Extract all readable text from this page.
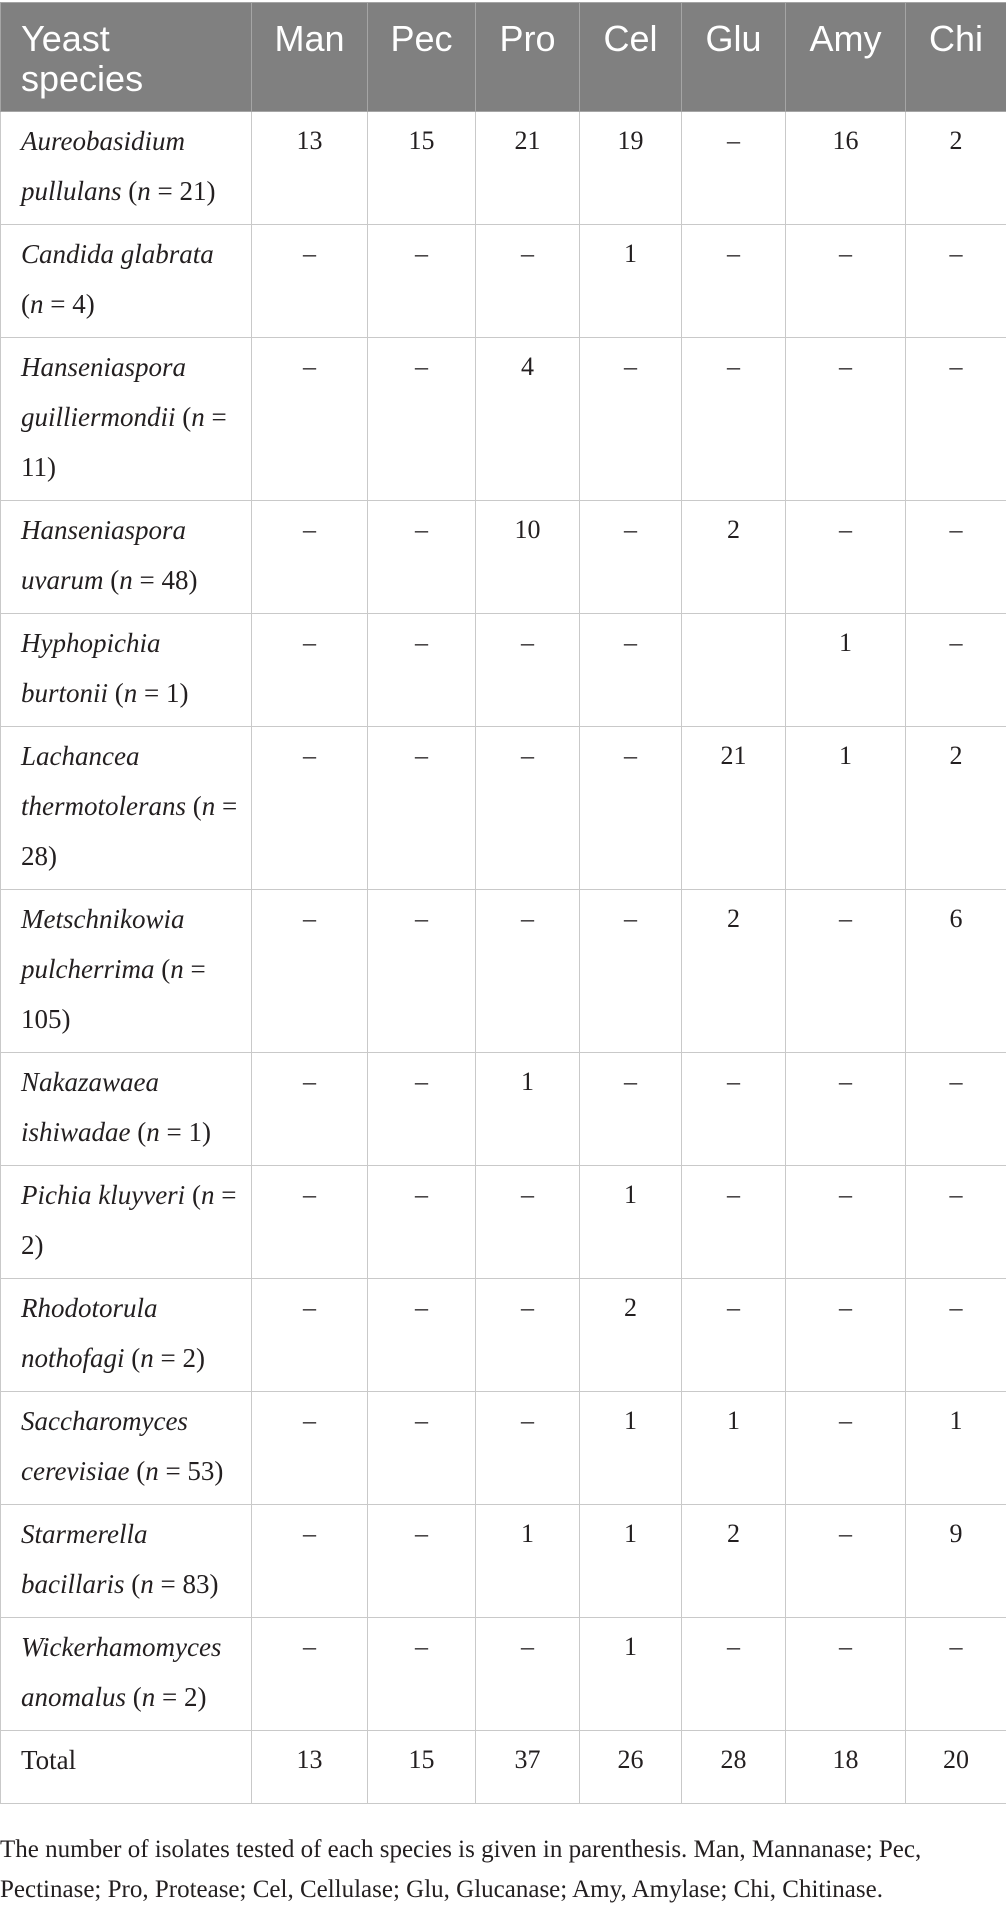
Yeast species	Man	Pec	Pro	Cel	Glu	Amy	Chi
Aureobasidium pullulans (n = 21)	13	15	21	19	–	16	2
Candida glabrata (n = 4)	–	–	–	1	–	–	–
Hanseniaspora guilliermondii (n = 11)	–	–	4	–	–	–	–
Hanseniaspora uvarum (n = 48)	–	–	10	–	2	–	–
Hyphopichia burtonii (n = 1)	–	–	–	–		1	–
Lachancea thermotolerans (n = 28)	–	–	–	–	21	1	2
Metschnikowia pulcherrima (n = 105)	–	–	–	–	2	–	6
Nakazawaea ishiwadae (n = 1)	–	–	1	–	–	–	–
Pichia kluyveri (n = 2)	–	–	–	1	–	–	–
Rhodotorula nothofagi (n = 2)	–	–	–	2	–	–	–
Saccharomyces cerevisiae (n = 53)	–	–	–	1	1	–	1
Starmerella bacillaris (n = 83)	–	–	1	1	2	–	9
Wickerhamomyces anomalus (n = 2)	–	–	–	1	–	–	–
Total	13	15	37	26	28	18	20

The number of isolates tested of each species is given in parenthesis. Man, Mannanase; Pec, Pectinase; Pro, Protease; Cel, Cellulase; Glu, Glucanase; Amy, Amylase; Chi, Chitinase.
